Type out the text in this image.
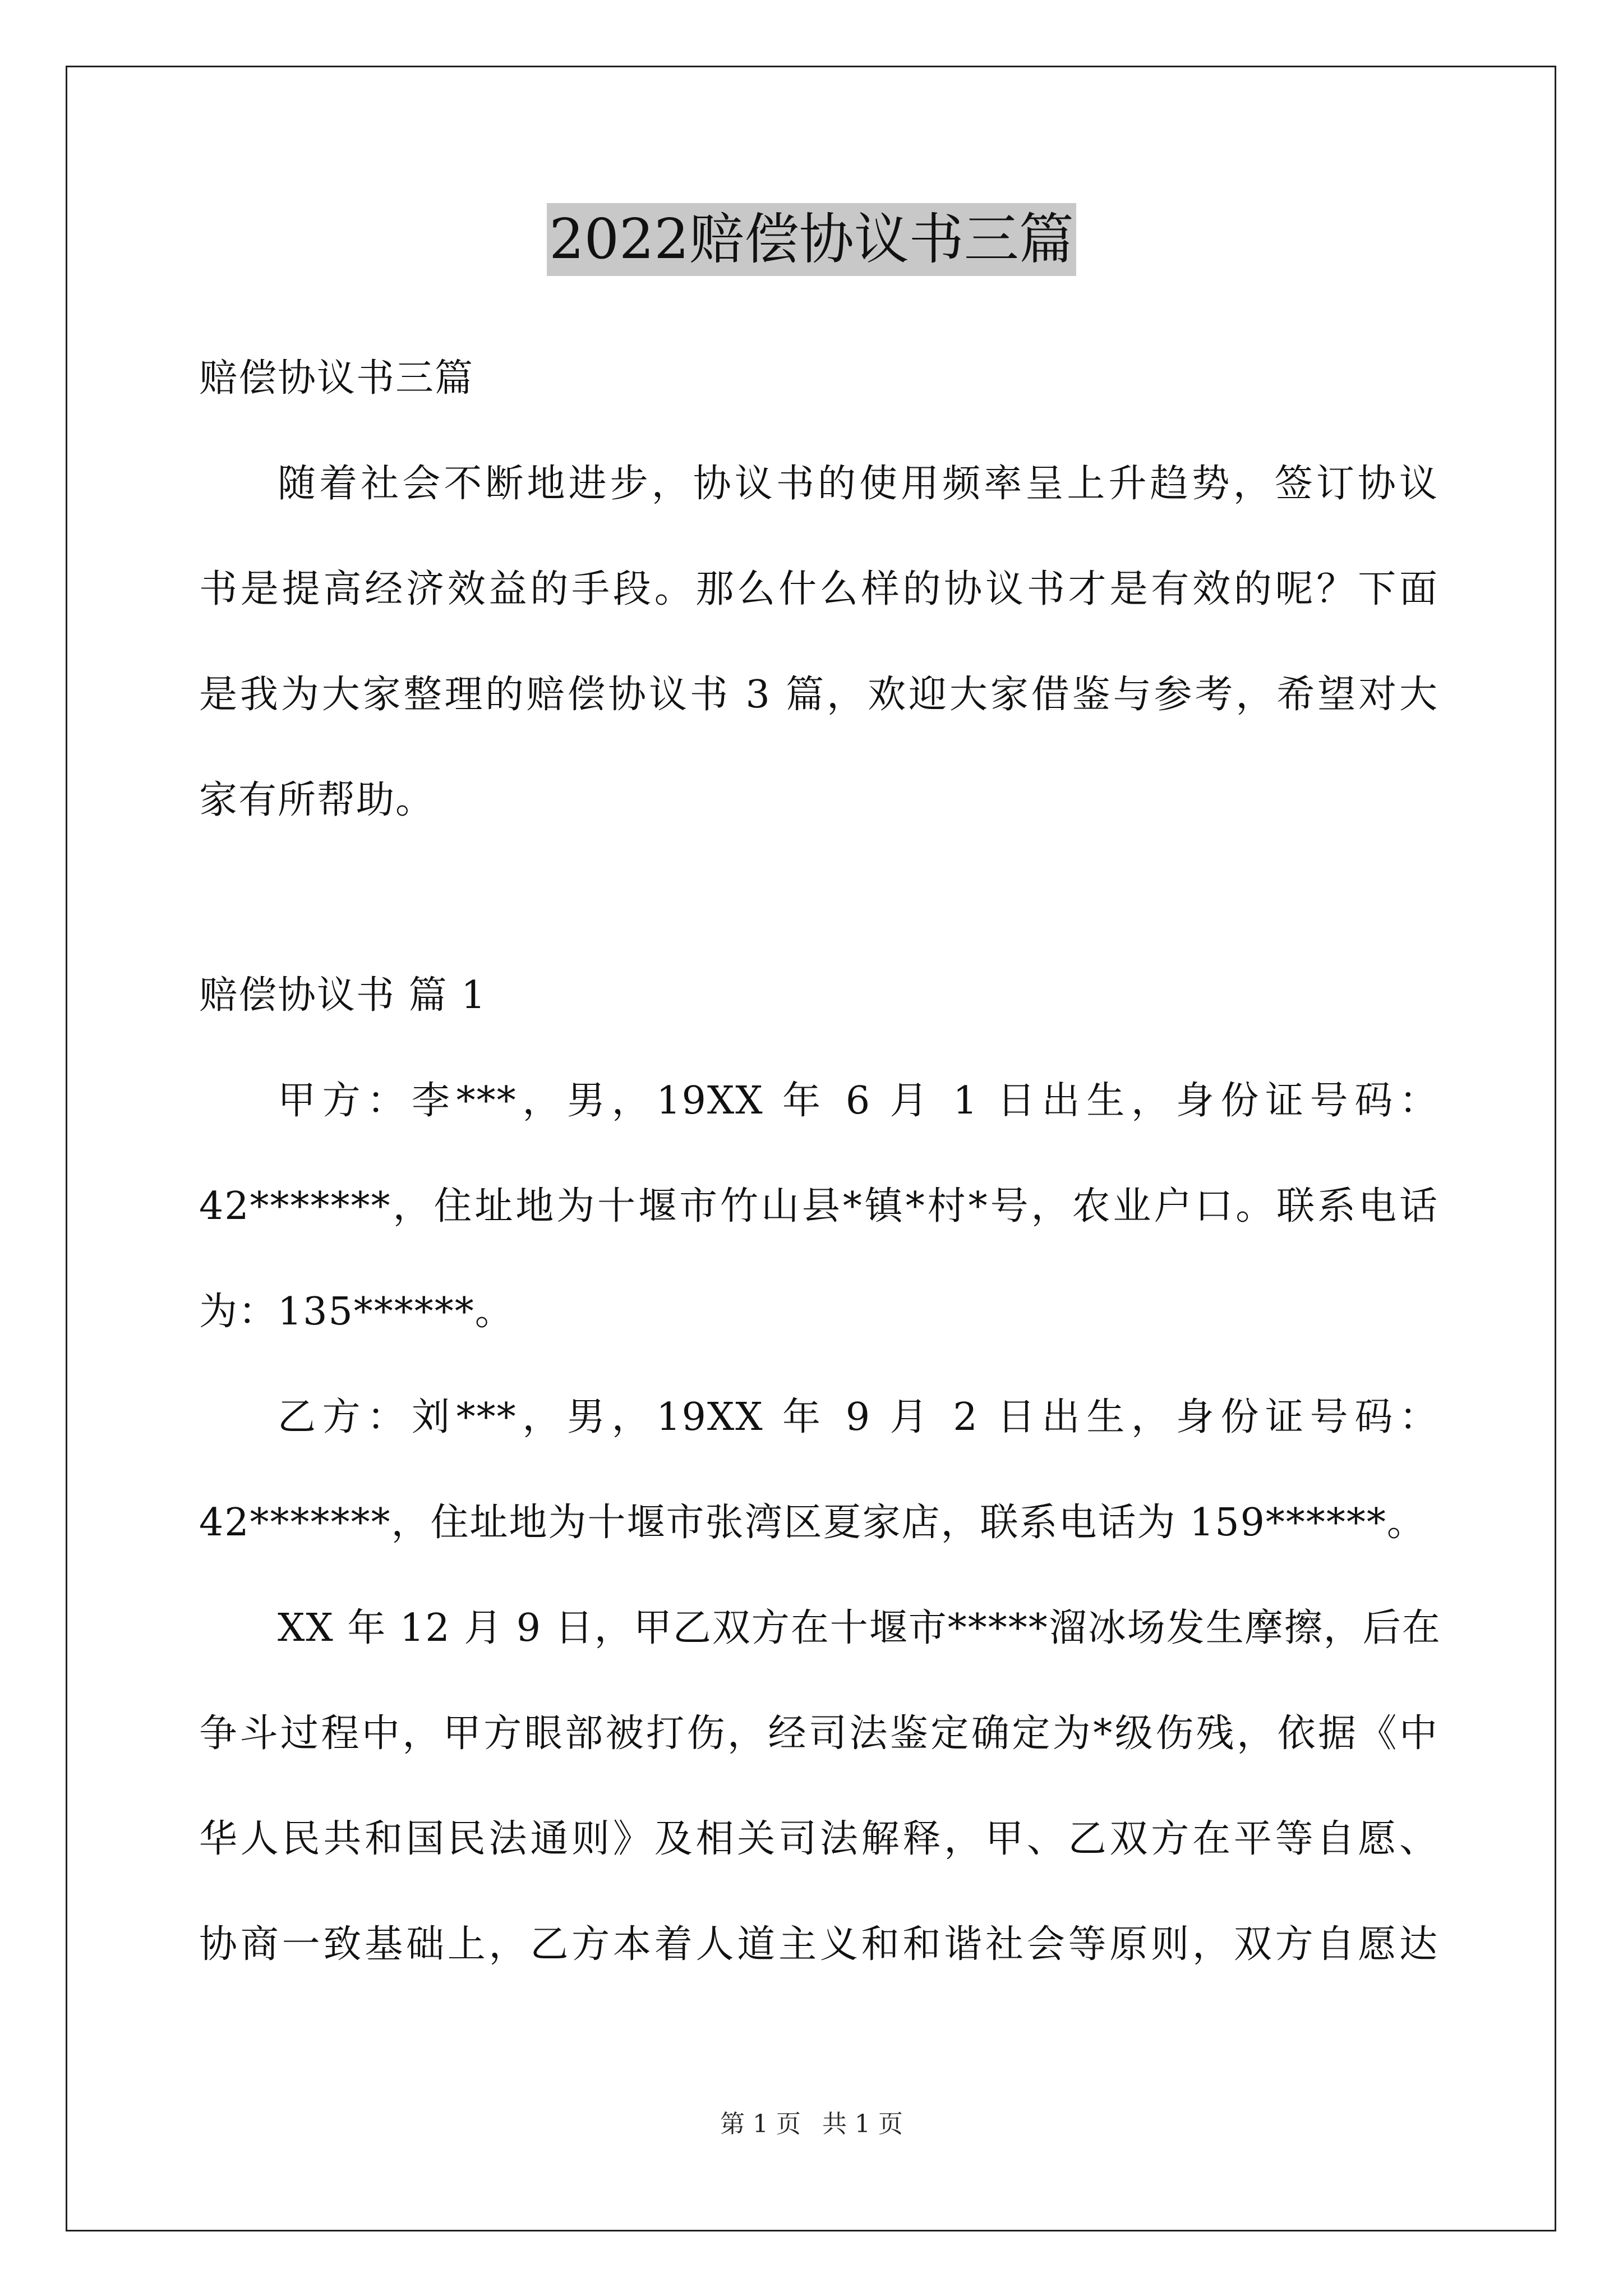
2022赔偿协议书三篇
赔偿协议书三篇
随着社会不断地进步，协议书的使用频率呈上升趋势，签订协议
书是提高经济效益的手段。那么什么样的协议书才是有效的呢？下面
是我为大家整理的赔偿协议书 3 篇，欢迎大家借鉴与参考，希望对大
家有所帮助。
赔偿协议书 篇 1
甲方：李***，男，19XX 年 6 月 1 日出生，身份证号码：
42*******，住址地为十堰市竹山县*镇*村*号，农业户口。联系电话
为：135******。
乙方：刘***，男，19XX 年 9 月 2 日出生，身份证号码：
42*******，住址地为十堰市张湾区夏家店，联系电话为 159******。
XX 年 12 月 9 日，甲乙双方在十堰市*****溜冰场发生摩擦，后在
争斗过程中，甲方眼部被打伤，经司法鉴定确定为*级伤残，依据《中
华人民共和国民法通则》及相关司法解释，甲、乙双方在平等自愿、
协商一致基础上，乙方本着人道主义和和谐社会等原则，双方自愿达
第 1 页 共 1 页
